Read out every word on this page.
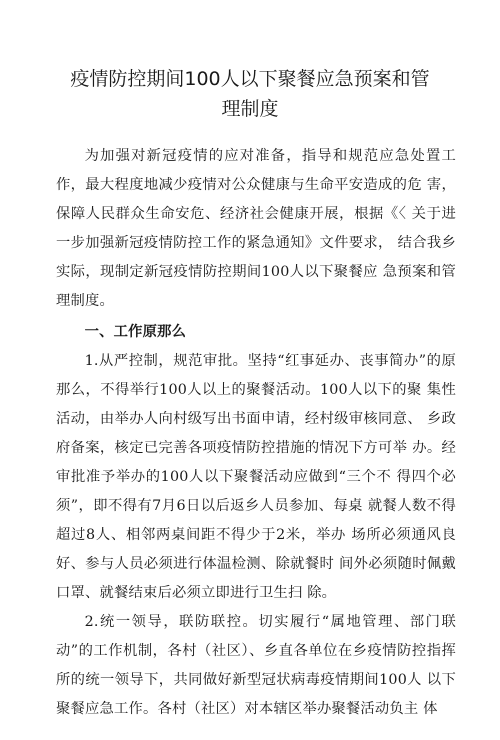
疫情防控期间100人以下聚餐应急预案和管
理制度

为加强对新冠疫情的应对准备，指导和规范应急处置工 作，最大程度地减少疫情对公众健康与生命平安造成的危 害，保障人民群众生命安危、经济社会健康开展，根据《〈 关于进一步加强新冠疫情防控工作的紧急通知》文件要求， 结合我乡实际，现制定新冠疫情防控期间100人以下聚餐应 急预案和管理制度。

一、工作原那么

1.从严控制，规范审批。坚持“红事延办、丧事简办”的原那么，不得举行100人以上的聚餐活动。100人以下的聚 集性活动，由举办人向村级写出书面申请，经村级审核同意、 乡政府备案，核定已完善各项疫情防控措施的情况下方可举 办。经审批准予举办的100人以下聚餐活动应做到“三个不 得四个必须”，即不得有7月6日以后返乡人员参加、每桌 就餐人数不得超过8人、相邻两桌间距不得少于2米，举办 场所必须通风良好、参与人员必须进行体温检测、除就餐时 间外必须随时佩戴口罩、就餐结束后必须立即进行卫生扫 除。

2.统一领导，联防联控。切实履行“属地管理、部门联动”的工作机制，各村（社区）、乡直各单位在乡疫情防控指挥所的统一领导下，共同做好新型冠状病毒疫情期间100人 以下聚餐应急工作。各村（社区）对本辖区举办聚餐活动负主 体
